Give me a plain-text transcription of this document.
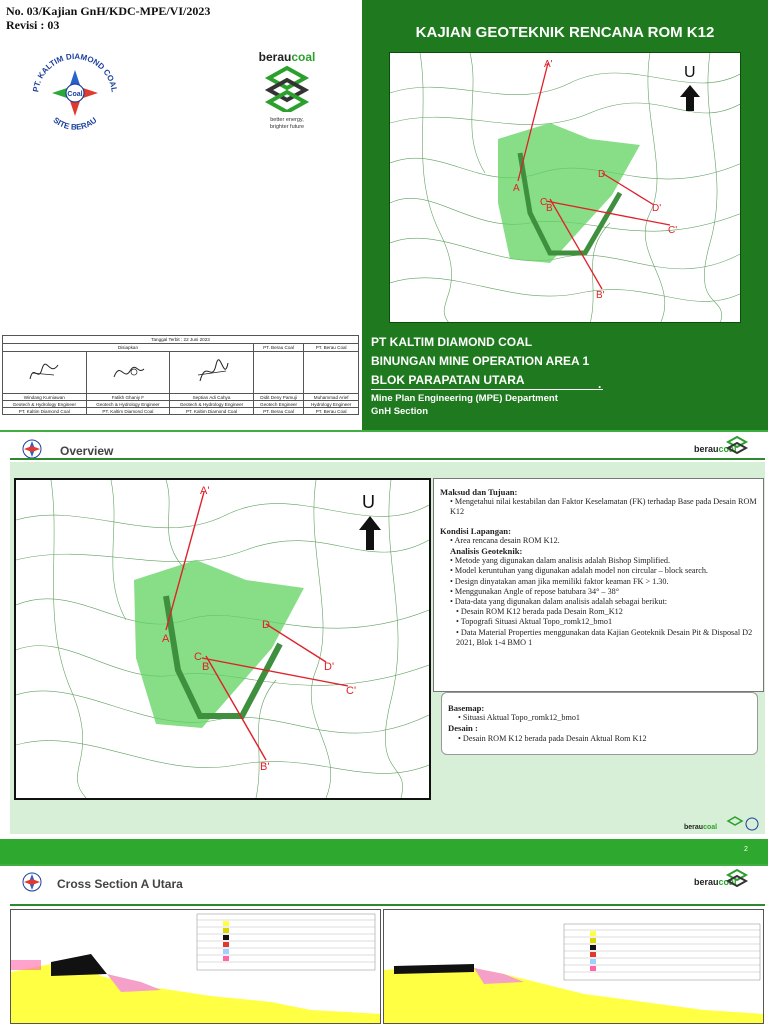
No. 03/Kajian GnH/KDC-MPE/VI/2023
Revisi : 03
PT. KALTIM DIAMOND COAL
SITE BERAU
Coal
beraucoal
better energy,
brighter future
Tanggal Terbit : 22 Juni 2023				
Disiapkan			PT. Berau Coal	PT. Berau Coal

Windang Kurniawan	Fatikh Ghaniy F	Septian Adi Cahya	Didit Deny Pamuji	Muhammad Arief
Geotech & Hydrology Engineer	Geotech & Hydrology Engineer	Geotech & Hydrology Engineer	Geotech Engineer	Hydrology Engineer
PT. Kaltim Diamond Coal	PT. Kaltim Diamond Coal	PT. Kaltim Diamond Coal	PT. Berau Coal	PT. Berau Coal
KAJIAN GEOTEKNIK RENCANA ROM K12
A'
A
B
C
B'
C'
D
D'
U
PT KALTIM DIAMOND COAL
BINUNGAN MINE OPERATION AREA 1
BLOK PARAPATAN UTARA	.
Mine Plan Engineering (MPE) Department
GnH Section
Overview	beraucoal
A'
A
B
C
B'
C'
D
D'
U	Maksud dan Tujuan:
• Mengetahui nilai kestabilan dan Faktor Keselamatan (FK) terhadap Base pada Desain ROM K12
Kondisi Lapangan:
• Area rencana desain ROM K12.
Analisis Geoteknik:
• Metode yang digunakan dalam analisis adalah Bishop Simplified.
• Model keruntuhan yang digunakan adalah model non circular – block search.
• Design dinyatakan aman jika memiliki faktor keaman FK > 1.30.
• Menggunakan Angle of repose batubara 34° – 38°
• Data-data yang digunakan dalam analisis adalah sebagai berikut:
• Desain ROM K12 berada pada Desain Rom_K12
• Topografi Situasi Aktual Topo_romk12_bmo1
• Data Material Properties menggunakan data Kajian Geoteknik Desain Pit & Disposal D2 2021, Blok 1-4 BMO 1
Basemap:
• Situasi Aktual Topo_romk12_bmo1
Desain :
• Desain ROM K12 berada pada Desain Aktual Rom K12
beraucoal
2
Cross Section A Utara	beraucoal
